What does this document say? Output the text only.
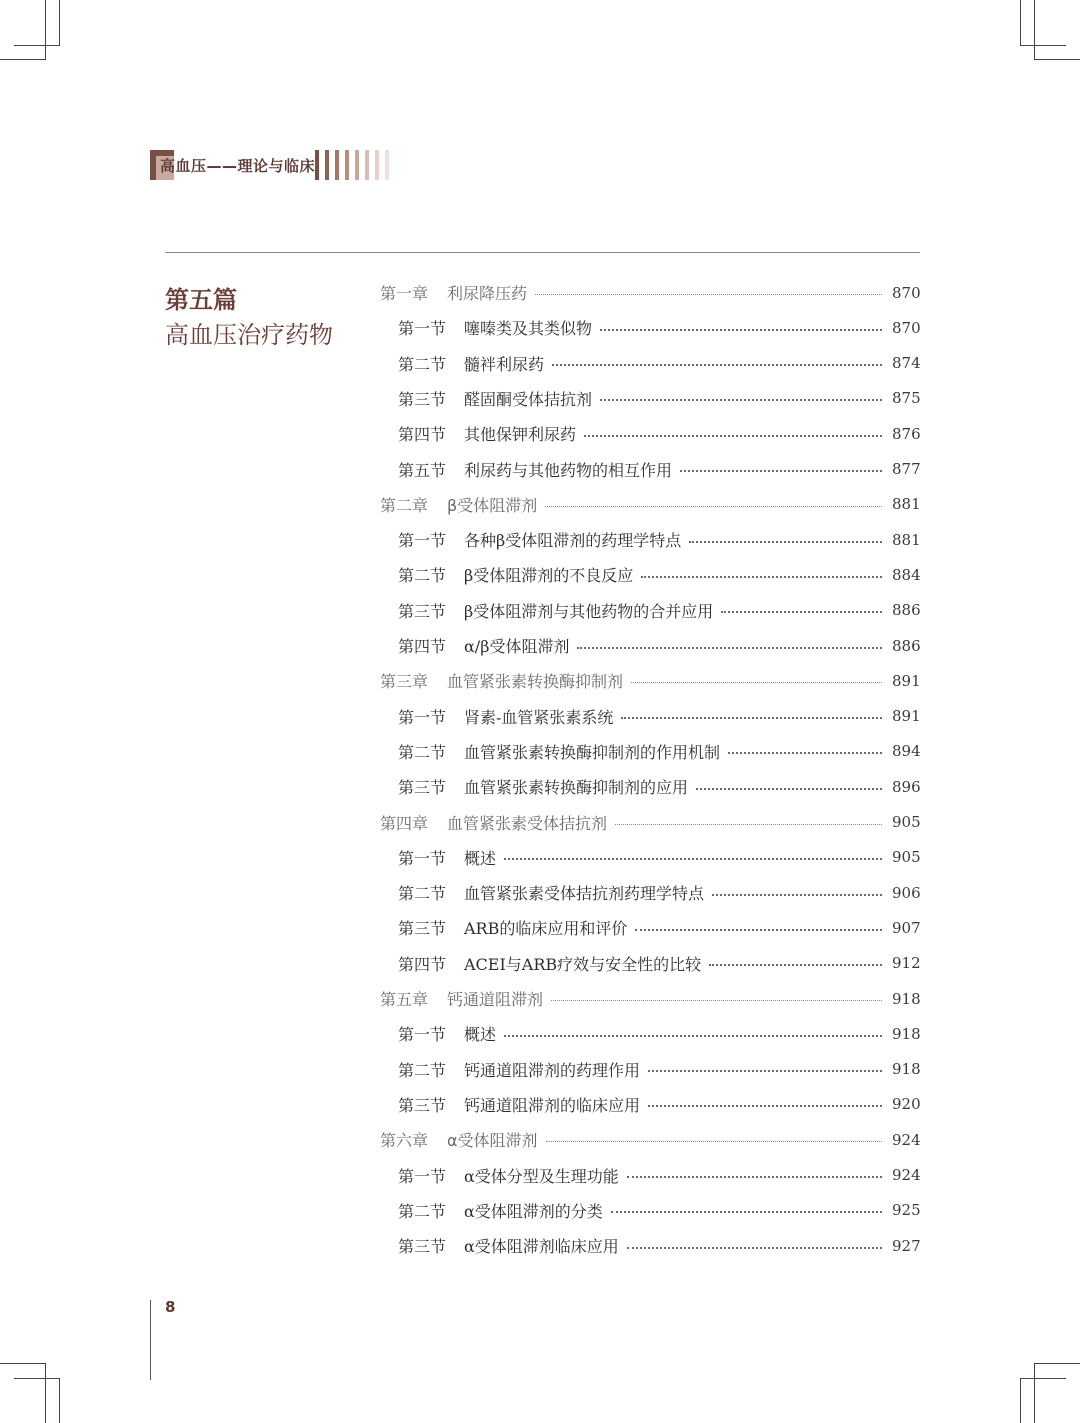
高血压——理论与临床
第五篇
高血压治疗药物
第一章	利尿降压药	870
第一节	噻嗪类及其类似物	870
第二节	髓袢利尿药	874
第三节	醛固酮受体拮抗剂	875
第四节	其他保钾利尿药	876
第五节	利尿药与其他药物的相互作用	877
第二章	β受体阻滞剂	881
第一节	各种β受体阻滞剂的药理学特点	881
第二节	β受体阻滞剂的不良反应	884
第三节	β受体阻滞剂与其他药物的合并应用	886
第四节	α/β受体阻滞剂	886
第三章	血管紧张素转换酶抑制剂	891
第一节	肾素-血管紧张素系统	891
第二节	血管紧张素转换酶抑制剂的作用机制	894
第三节	血管紧张素转换酶抑制剂的应用	896
第四章	血管紧张素受体拮抗剂	905
第一节	概述	905
第二节	血管紧张素受体拮抗剂药理学特点	906
第三节	ARB的临床应用和评价	907
第四节	ACEI与ARB疗效与安全性的比较	912
第五章	钙通道阻滞剂	918
第一节	概述	918
第二节	钙通道阻滞剂的药理作用	918
第三节	钙通道阻滞剂的临床应用	920
第六章	α受体阻滞剂	924
第一节	α受体分型及生理功能	924
第二节	α受体阻滞剂的分类	925
第三节	α受体阻滞剂临床应用	927
8
